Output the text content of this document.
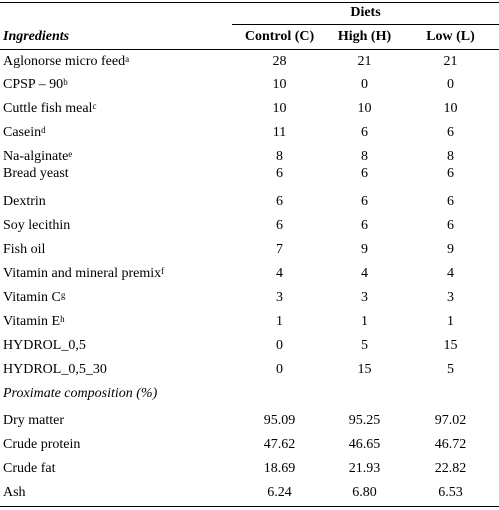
Diets
Ingredients	Control (C)	High (H)	Low (L)
Aglonorse micro feed$^a$	28	21	21
CPSP – 90$^b$	10	0	0
Cuttle fish meal$^c$	10	10	10
Casein$^d$	11	6	6
Na-alginate$^e$	8	8	8
Bread yeast	6	6	6
Dextrin	6	6	6
Soy lecithin	6	6	6
Fish oil	7	9	9
Vitamin and mineral premix$^f$	4	4	4
Vitamin $C^g$	3	3	3
Vitamin $E^h$	1	1	1
HYDROL_0,5	0	5	15
HYDROL_0,5_30	0	15	5
Proximate composition (%)
Dry matter	95.09	95.25	97.02
Crude protein	47.62	46.65	46.72
Crude fat	18.69	21.93	22.82
Ash	6.24	6.80	6.53
